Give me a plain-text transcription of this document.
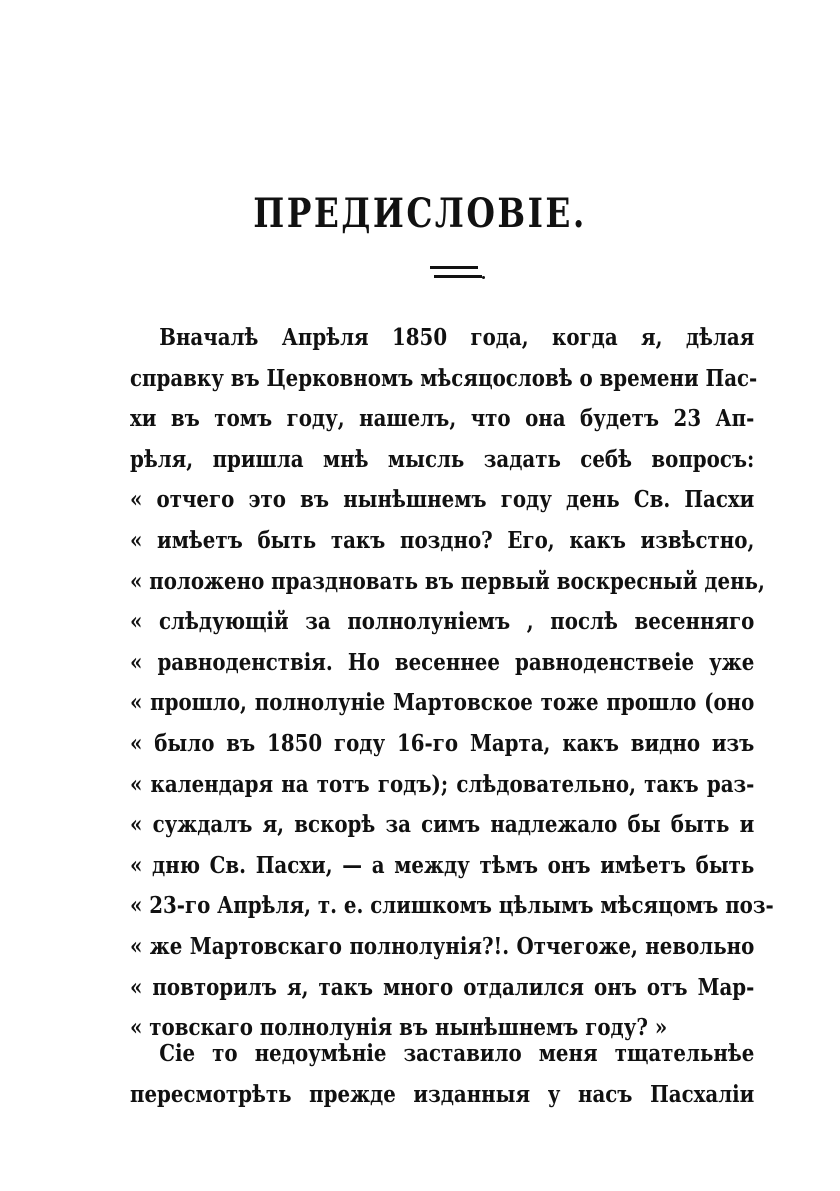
ПРЕДИСЛОВІЕ.
Вначалѣ Апрѣля 1850 года, когда я, дѣлая
справку въ Церковномъ мѣсяцословѣ о времени Пас-
хи въ томъ году, нашелъ, что она будетъ 23 Ап-
рѣля, пришла мнѣ мысль задать себѣ вопросъ:
« отчего это въ нынѣшнемъ году день Св. Пасхи
« имѣетъ быть такъ поздно? Его, какъ извѣстно,
« положено праздновать въ первый воскресный день,
« слѣдующій за полнолуніемъ , послѣ весенняго
« равноденствія. Но весеннее равноденствеіе уже
« прошло, полнолуніе Мартовское тоже прошло (оно
« было въ 1850 году 16-го Марта, какъ видно изъ
« календаря на тотъ годъ); слѣдовательно, такъ раз-
« суждалъ я, вскорѣ за симъ надлежало бы быть и
« дню Св. Пасхи, — а между тѣмъ онъ имѣетъ быть
« 23-го Апрѣля, т. е. слишкомъ цѣлымъ мѣсяцомъ поз-
« же Мартовскаго полнолунія?!. Отчегоже, невольно
« повторилъ я, такъ много отдалился онъ отъ Мар-
« товскаго полнолунія въ нынѣшнемъ году? »
Сіе то недоумѣніе заставило меня тщательнѣе
пересмотрѣть прежде изданныя у насъ Пасхаліи
